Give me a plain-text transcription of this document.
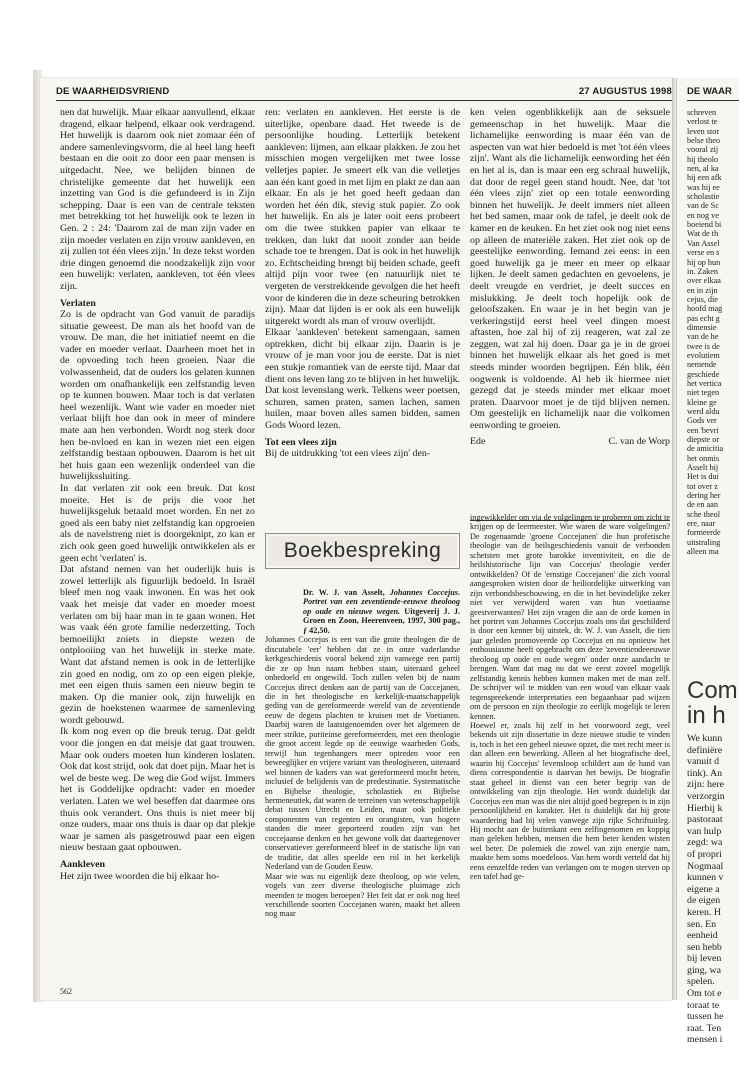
DE WAARHEIDSVRIEND	27 AUGUSTUS 1998

nen dat huwelijk. Maar elkaar aanvullend, elkaar dragend, elkaar helpend, elkaar ook verdragend. Het huwelijk is daarom ook niet zomaar één of andere samenlevingsvorm, die al heel lang heeft bestaan en die ooit zo door een paar mensen is uitgedacht. Nee, we belijden binnen de christelijke gemeente dat het huwelijk een inzetting van God is die gefundeerd is in Zijn schepping. Daar is een van de centrale teksten met betrekking tot het huwelijk ook te lezen in Gen. 2 : 24: 'Daarom zal de man zijn vader en zijn moeder verlaten en zijn vrouw aankleven, en zij zullen tot één vlees zijn.' In deze tekst worden drie dingen genoemd die noodzakelijk zijn voor een huwelijk: verlaten, aankleven, tot één vlees zijn.

Verlaten

Zo is de opdracht van God vanuit de paradijs situatie geweest. De man als het hoofd van de vrouw. De man, die het initiatief neemt en die vader en moeder verlaat. Daarheen moet het in de opvoeding toch heen groeien. Naar die volwassenheid, dat de ouders los gelaten kunnen worden om onafhankelijk een zelfstandig leven op te kunnen bouwen. Maar toch is dat verlaten heel wezenlijk. Want wie vader en moeder niet verlaat blijft hoe dan ook in meer of mindere mate aan hen verbonden. Wordt nog sterk door hen be-nvloed en kan in wezen niet een eigen zelfstandig bestaan opbouwen. Daarom is het uit het huis gaan een wezenlijk onderdeel van die huwelijkssluiting.

In dat verlaten zit ook een breuk. Dat kost moeite. Het is de prijs die voor het huwelijksgeluk betaald moet worden. En net zo goed als een baby niet zelfstandig kan opgroeien als de navelstreng niet is doorgeknipt, zo kan er zich ook geen goed huwelijk ontwikkelen als er geen echt 'verlaten' is.

Dat afstand nemen van het ouderlijk huis is zowel letterlijk als figuurlijk bedoeld. In Israël bleef men nog vaak inwonen. En was het ook vaak het meisje dat vader en moeder moest verlaten om bij haar man in te gaan wonen. Het was vaak één grote familie nederzetting. Toch bemoeilijkt zoiets in diepste wezen de ontplooiing van het huwelijk in sterke mate. Want dat afstand nemen is ook in de letterlijke zin goed en nodig, om zo op een eigen plekje, met een eigen thuis samen een nieuw begin te maken. Op die manier ook, zijn huwelijk en gezin de hoekstenen waarmee de samenleving wordt gebouwd.

Ik kom nog even op die breuk terug. Dat geldt voor die jongen en dat meisje dat gaat trouwen. Maar ook ouders moeten hun kinderen loslaten. Ook dat kost strijd, ook dat doet pijn. Maar het is wel de beste weg. De weg die God wijst. Immers het is Goddelijke opdracht: vader en moeder verlaten. Laten we wel beseffen dat daarmee ons thuis ook verandert. Ons thuis is niet meer bij onze ouders, maar ons thuis is daar op dat plekje waar je samen als pasgetrouwd paar een eigen nieuw bestaan gaat opbouwen.

Aankleven

Het zijn twee woorden die bij elkaar ho-

ren: verlaten en aankleven. Het eerste is de uiterlijke, openbare daad. Het tweede is de persoonlijke houding. Letterlijk betekent aankleven: lijmen, aan elkaar plakken. Je zou het misschien mogen vergelijken met twee losse velletjes papier. Je smeert elk van die velletjes aan één kant goed in met lijm en plakt ze dan aan elkaar. En als je het goed heeft gedaan dan worden het één dik, stevig stuk papier. Zo ook het huwelijk. En als je later ooit eens probeert om die twee stukken papier van elkaar te trekken, dan lukt dat nooit zonder aan beide schade toe te brengen. Dat is ook in het huwelijk zo. Echtscheiding brengt bij beiden schade, geeft altijd pijn voor twee (en natuurlijk niet te vergeten de verstrekkende gevolgen die het heeft voor de kinderen die in deze scheuring betrokken zijn). Maar dat lijden is er ook als een huwelijk uitgerekt wordt als man of vrouw overlijdt.

Elkaar 'aankleven' betekent samengaan, samen optrekken, dicht bij elkaar zijn. Daarin is je vrouw of je man voor jou de eerste. Dat is niet een stukje romantiek van de eerste tijd. Maar dat dient ons leven lang zo te blijven in het huwelijk. Dat kost levenslang werk. Telkens weer poetsen, schuren, samen praten, samen lachen, samen huilen, maar boven alles samen bidden, samen Gods Woord lezen.

Tot een vlees zijn

Bij de uitdrukking 'tot een vlees zijn' den-

ken velen ogenblikkelijk aan de seksuele gemeenschap in het huwelijk. Maar die lichamelijke eenwording is maar één van de aspecten van wat hier bedoeld is met 'tot één vlees zijn'. Want als die lichamelijk eenwording het één en het al is, dan is maar een erg schraal huwelijk, dat door de regel geen stand houdt. Nee, dat 'tot één vlees zijn' ziet op een totale eenwording binnen het huwelijk. Je deelt immers niet alleen het bed samen, maar ook de tafel, je deelt ook de kamer en de keuken. En het ziet ook nog niet eens op alleen de materiële zaken. Het ziet ook op de geestelijke eenwording. Iemand zei eens: in een goed huwelijk ga je meer en meer op elkaar lijken. Je deelt samen gedachten en gevoelens, je deelt vreugde en verdriet, je deelt succes en mislukking. Je deelt toch hopelijk ook de geloofszaken. En waar je in het begin van je verkeringstijd eerst heel veel dingen moest aftasten, hoe zal hij of zij reageren, wat zal ze zeggen, wat zal hij doen. Daar ga je in de groei binnen het huwelijk elkaar als het goed is met steeds minder woorden begrijpen. Eén blik, één oogwenk is voldoende. Al heb ik hiermee niet gezegd dat je steeds minder met elkaar moet praten. Daarvoor moet je de tijd blijven nemen. Om geestelijk en lichamelijk naar die volkomen eenwording te groeien.

Ede	C. van de Worp

Boekbespreking

Dr. W. J. van Asselt, Johannes Coccejus. Portret van een zeventiende-eeuwse theoloog op oude en nieuwe wegen. Uitgeverij J. J. Groen en Zoon, Heerenveen, 1997, 300 pag., ƒ 42,50.

Johannes Coccejus is een van die grote theologen die de discutabele 'eer' hebben dat ze in onze vaderlandse kerkgeschiedenis vooral bekend zijn vanwege een partij die ze op hun naam hebben staan, uiteraard geheel onbedoeld en ongewild. Toch zullen velen bij de naam Coccejus direct denken aan de partij van de Coccejanen, die in het theologische en kerkelijk-maatschappelijk geding van de gereformeerde wereld van de zeventiende eeuw de degens plachten te kruisen met de Voetianen. Daarbij waren de laatstgenoemden over het algemeen de meer strikte, puriteinse gereformeerden, met een theologie die groot accent legde op de eeuwige waarheden Gods, terwijl hun tegenhangers meer optreden voor een beweeglijker en vrijere variant van theologiseren, uiteraard wel binnen de kaders van wat gereformeerd mocht heten, inclusief de belijdenis van de predestinatie. Systematische en Bijbelse theologie, scholastiek en Bijbelse hermeneutiek, dat waren de terreinen van wetenschappelijk debat tussen Utrecht en Leiden, maar ook politieke componenten van regenten en orangisten, van hogere standen die meer geporteerd zouden zijn van het coccejaanse denken en het gewone volk dat daartegenover conservatiever gereformeerd bleef in de statische lijn van de traditie, dat alles speelde een rol in het kerkelijk Nederland van de Gouden Eeuw.

Maar wie was nu eigenlijk deze theoloog, op wie velen, vogels van zeer diverse theologische pluimage zich meenden te mogen beroepen? Het feit dat er ook nog heel verschillende soorten Coccejanen waren, maakt het alleen nog maar

ingewikkelder om via de volgelingen te proberen om zicht te krijgen op de leermeester. Wie waren de ware volgelingen? De zogenaamde 'groene Coccejanen' die hun profetische theologie van de heilsgeschiedenis vanuit de verbonden schetsten met grote barokke inventiviteit, en die de heilshistorische lijn van Coccejus' theologie verder ontwikkelden? Of de 'ernstige Coccejanen' die zich vooral aangesproken wisten door de heiliordelijke uitwerking van zijn verbondsbeschouwing, en die in het bevindelijke zeker niet ver verwijderd waren van hun voetiaanse geestverwanten? Het zijn vragen die aan de orde komen in het portret van Johannes Coccejus zoals ons dat geschilderd is door een kenner bij uitstek, dr. W. J. van Asselt, die tien jaar geleden promoveerde op Coccejus en nu opnieuw het enthousiasme heeft opgebracht om deze 'zeventiendeeeuwse theoloog op oude en oude wegen' onder onze aandacht te brengen. Want dat mag nu dat we eerst zoveel mogelijk zelfstandig kennis hebben kunnen maken met de man zelf. De schrijver wil te midden van een woud van elkaar vaak tegenspreekende interpretaties een begaanbaar pad wijzen om de persoon en zijn theologie zo eerlijk mogelijk te leren kennen.

Hoewel er, zoals hij zelf in het voorwoord zegt, veel bekends uit zijn dissertatie in deze nieuwe studie te vinden is, toch is het een geheel nieuwe opzet, die met recht meer is dan alleen een bewerking. Alleen al het biografische deel, waarin hij Coccejus' levensloop schildert aan de hand van diens correspondentie is daarvan het bewijs. De biografie staat geheel in dienst van een beter begrip van de ontwikkeling van zijn theologie. Het wordt duidelijk dat Coccejus een man was die niet altijd goed begrepen is in zijn persoonlijkheid en karakter. Het is duidelijk dat hij grote waardering had bij velen vanwege zijn rijke Schriftuitleg. Hij mocht aan de buitenkant een zelfingenomen en koppig man geleken hebben, mensen die hem beter kenden wisten wel beter. De polemiek die zowel van zijn energie nam, maakte hem soms moedeloos. Van hem wordt verteld dat hij eens eenzelfde reden van verlangen om te mogen sterven op een tafel had ge-

562
DE WAAR
schreven
verlost te
leven stor
belse theo
vooral zij
hij theolo
nen, al ka
hij een afk
was hij ee
scholastie
van de Sc
en nog ve
boeiend bi
Wat de th
Van Assel
verse en s
hij op hun
in. Zaken
over elkaa
en in zijn
cejus, die
hoofd mag
pas echt g
dimensie
van de he
twee is de
evolutiem
nemende
geschiede
het vertica
niet tegen
kleine ge
werd aldu
Gods ver
een 'bevri
diepste or
de amicitia
het onmis
Asselt bij
Het is dui
tot over z
dering her
de en aan
sche theol
ere, naar
formeerde
uitstraling
alleen ma
Com
in h
We kunn
definiëre
vanuit d
tink). An
zijn: here
verzorgin
Hierbij k
pastoraat
van hulp
zegd: wa
of propri
Nogmaal
kunnen v
eigene a
de eigen
keren. H
sen. En
eenheid
sen hebb
bij leven
ging, wa
spelen.
Om tot e
toraat te
tussen he
raat. Ten
mensen i
